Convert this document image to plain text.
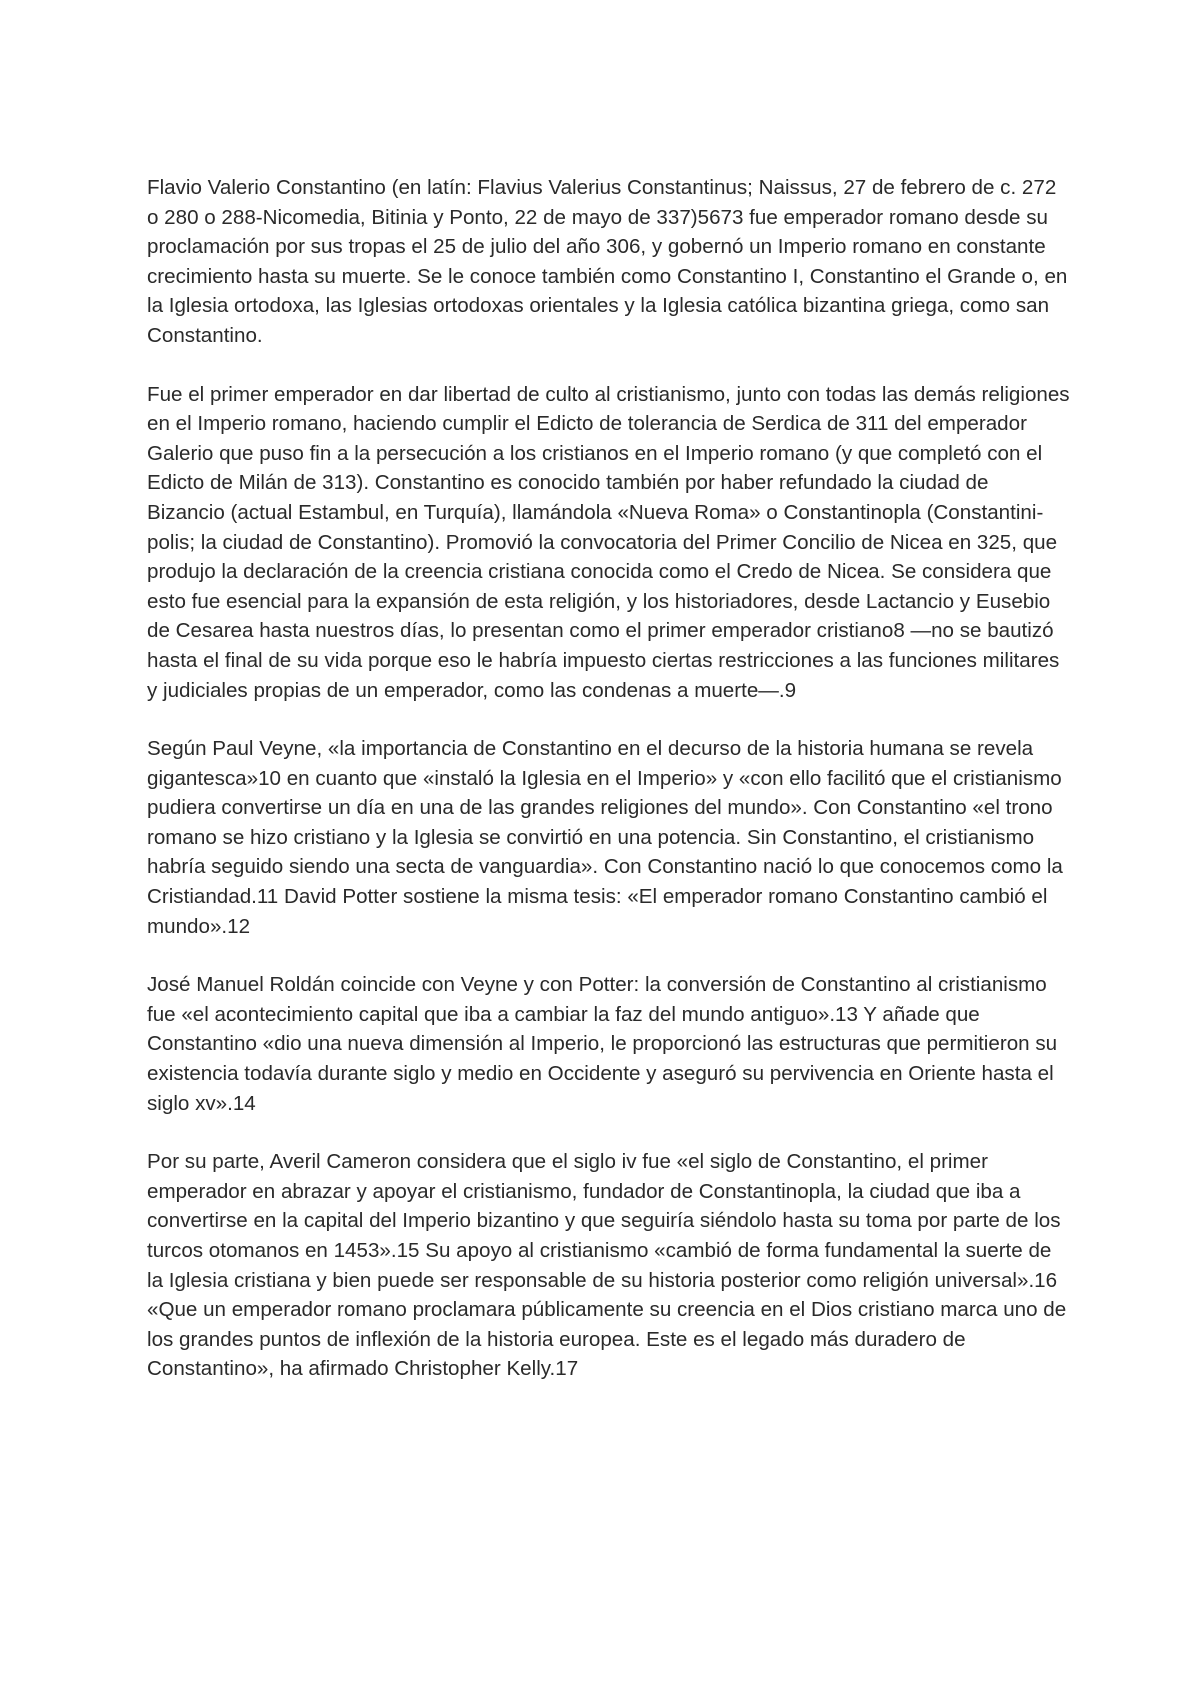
Flavio Valerio Constantino (en latín: Flavius Valerius Constantinus; Naissus, 27 de febrero de c. 272 o 280 o 288-Nicomedia, Bitinia y Ponto, 22 de mayo de 337)5673 fue emperador romano desde su proclamación por sus tropas el 25 de julio del año 306, y gobernó un Imperio romano en constante crecimiento hasta su muerte. Se le conoce también como Constantino I, Constantino el Grande o, en la Iglesia ortodoxa, las Iglesias ortodoxas orientales y la Iglesia católica bizantina griega, como san Constantino.

Fue el primer emperador en dar libertad de culto al cristianismo, junto con todas las demás religiones en el Imperio romano, haciendo cumplir el Edicto de tolerancia de Serdica de 311 del emperador Galerio que puso fin a la persecución a los cristianos en el Imperio romano (y que completó con el Edicto de Milán de 313). Constantino es conocido también por haber refundado la ciudad de Bizancio (actual Estambul, en Turquía), llamándola «Nueva Roma» o Constantinopla (Constantini-polis; la ciudad de Constantino). Promovió la convocatoria del Primer Concilio de Nicea en 325, que produjo la declaración de la creencia cristiana conocida como el Credo de Nicea. Se considera que esto fue esencial para la expansión de esta religión, y los historiadores, desde Lactancio y Eusebio de Cesarea hasta nuestros días, lo presentan como el primer emperador cristiano8 —no se bautizó hasta el final de su vida porque eso le habría impuesto ciertas restricciones a las funciones militares y judiciales propias de un emperador, como las condenas a muerte—.9

Según Paul Veyne, «la importancia de Constantino en el decurso de la historia humana se revela gigantesca»10 en cuanto que «instaló la Iglesia en el Imperio» y «con ello facilitó que el cristianismo pudiera convertirse un día en una de las grandes religiones del mundo». Con Constantino «el trono romano se hizo cristiano y la Iglesia se convirtió en una potencia. Sin Constantino, el cristianismo habría seguido siendo una secta de vanguardia». Con Constantino nació lo que conocemos como la Cristiandad.11 David Potter sostiene la misma tesis: «El emperador romano Constantino cambió el mundo».12

José Manuel Roldán coincide con Veyne y con Potter: la conversión de Constantino al cristianismo fue «el acontecimiento capital que iba a cambiar la faz del mundo antiguo».13 Y añade que Constantino «dio una nueva dimensión al Imperio, le proporcionó las estructuras que permitieron su existencia todavía durante siglo y medio en Occidente y aseguró su pervivencia en Oriente hasta el siglo xv».14

Por su parte, Averil Cameron considera que el siglo iv fue «el siglo de Constantino, el primer emperador en abrazar y apoyar el cristianismo, fundador de Constantinopla, la ciudad que iba a convertirse en la capital del Imperio bizantino y que seguiría siéndolo hasta su toma por parte de los turcos otomanos en 1453».15 Su apoyo al cristianismo «cambió de forma fundamental la suerte de la Iglesia cristiana y bien puede ser responsable de su historia posterior como religión universal».16 «Que un emperador romano proclamara públicamente su creencia en el Dios cristiano marca uno de los grandes puntos de inflexión de la historia europea. Este es el legado más duradero de Constantino», ha afirmado Christopher Kelly.17
